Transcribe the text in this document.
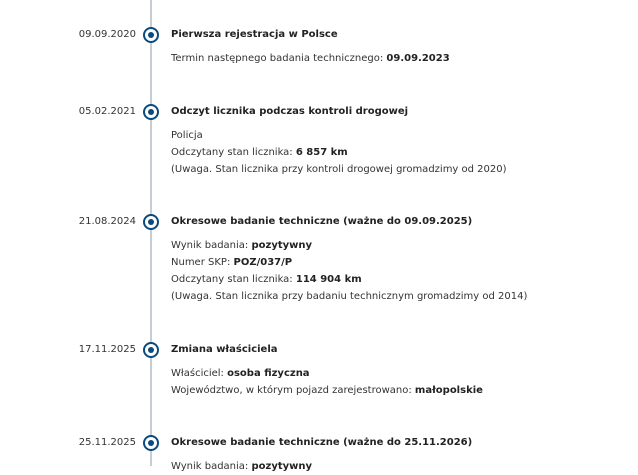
09.09.2020	Pierwsza rejestracja w Polsce
Termin następnego badania technicznego: 09.09.2023
05.02.2021	Odczyt licznika podczas kontroli drogowej
Policja
Odczytany stan licznika: 6 857 km
(Uwaga. Stan licznika przy kontroli drogowej gromadzimy od 2020)
21.08.2024	Okresowe badanie techniczne (ważne do 09.09.2025)
Wynik badania: pozytywny
Numer SKP: POZ/037/P
Odczytany stan licznika: 114 904 km
(Uwaga. Stan licznika przy badaniu technicznym gromadzimy od 2014)
17.11.2025	Zmiana właściciela
Właściciel: osoba fizyczna
Województwo, w którym pojazd zarejestrowano: małopolskie
25.11.2025	Okresowe badanie techniczne (ważne do 25.11.2026)
Wynik badania: pozytywny
